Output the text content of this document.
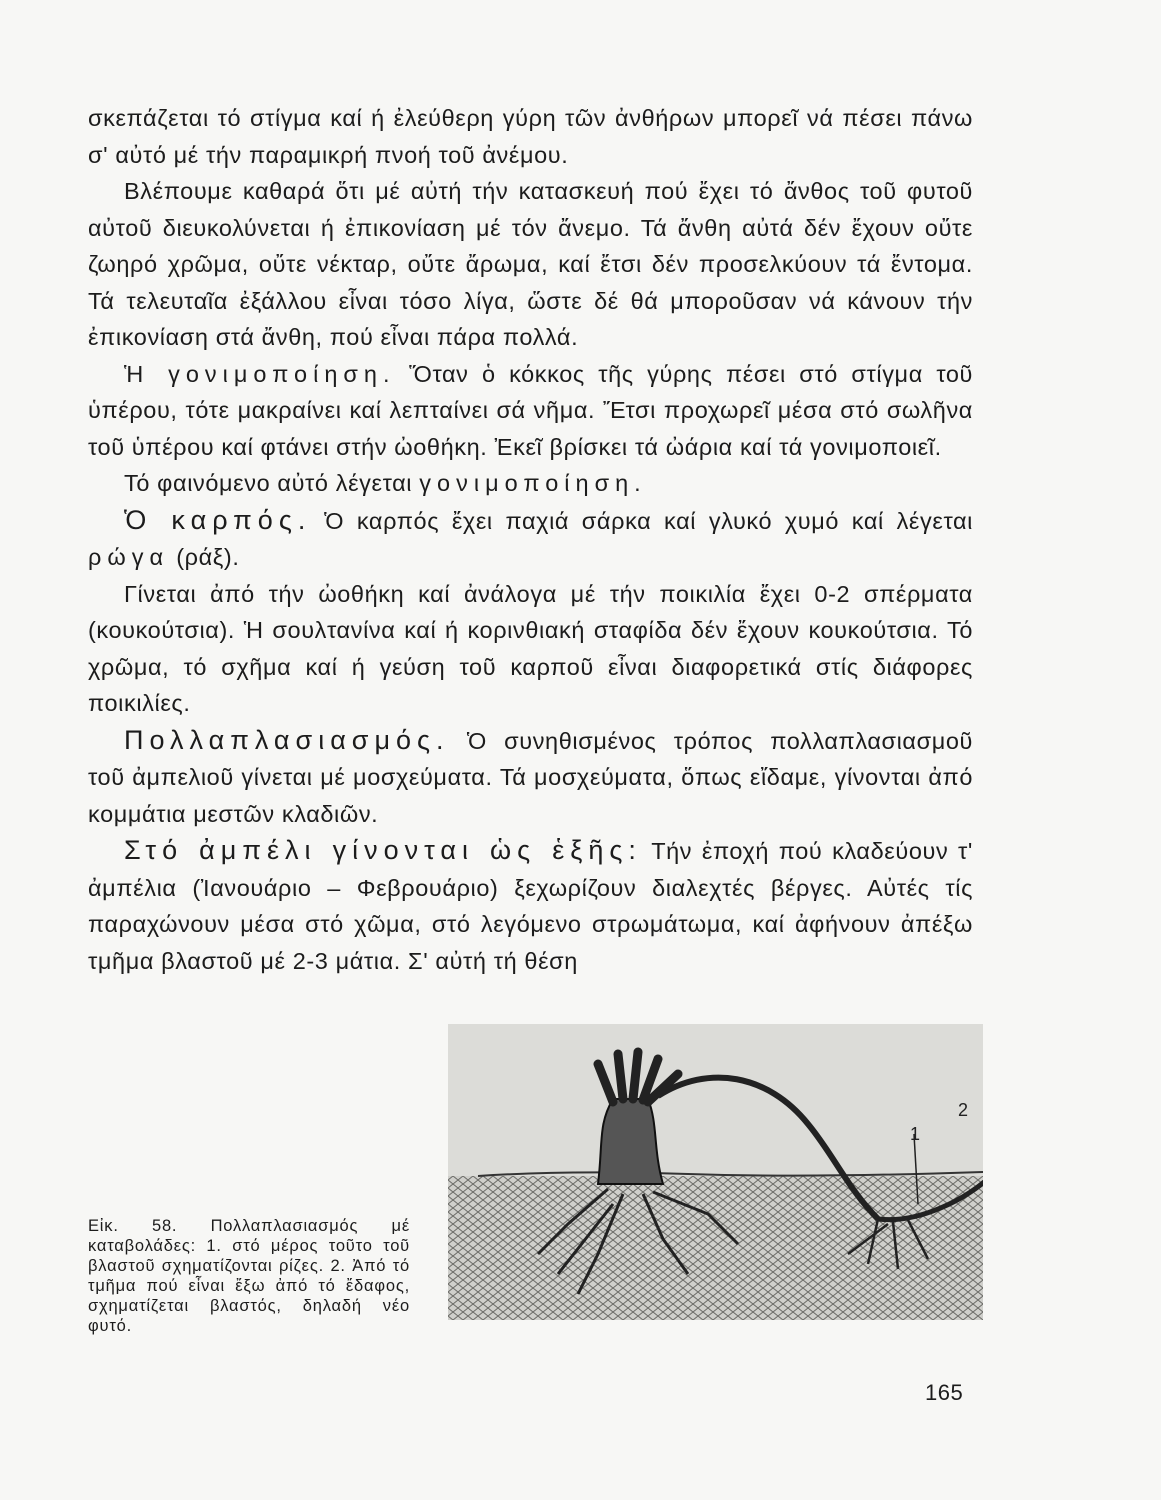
σκεπάζεται τό στίγμα καί ή ἐλεύθερη γύρη τῶν ἀνθήρων μπορεῖ νά πέσει πάνω σ' αὐτό μέ τήν παραμικρή πνοή τοῦ ἀνέμου.

Βλέπουμε καθαρά ὅτι μέ αὐτή τήν κατασκευή πού ἔχει τό ἄνθος τοῦ φυτοῦ αὐτοῦ διευκολύνεται ή ἐπικονίαση μέ τόν ἄνεμο. Τά ἄνθη αὐτά δέν ἔχουν οὔτε ζωηρό χρῶμα, οὔτε νέκταρ, οὔτε ἄρωμα, καί ἔτσι δέν προσελκύουν τά ἔντομα. Τά τελευταῖα ἐξάλλου εἶναι τόσο λίγα, ὥστε δέ θά μποροῦσαν νά κάνουν τήν ἐπικονίαση στά ἄνθη, πού εἶναι πάρα πολλά.

Ἡ γονιμοποίηση. Ὅταν ὁ κόκκος τῆς γύρης πέσει στό στίγμα τοῦ ὑπέρου, τότε μακραίνει καί λεπταίνει σά νῆμα. Ἔτσι προχωρεῖ μέσα στό σωλῆνα τοῦ ὑπέρου καί φτάνει στήν ὠοθήκη. Ἐκεῖ βρίσκει τά ὠάρια καί τά γονιμοποιεῖ.

Τό φαινόμενο αὐτό λέγεται γονιμοποίηση.

Ὁ καρπός. Ὁ καρπός ἔχει παχιά σάρκα καί γλυκό χυμό καί λέγεται ρώγα (ράξ).

Γίνεται ἀπό τήν ὠοθήκη καί ἀνάλογα μέ τήν ποικιλία ἔχει 0-2 σπέρματα (κουκούτσια). Ἡ σουλτανίνα καί ή κορινθιακή σταφίδα δέν ἔχουν κουκούτσια. Τό χρῶμα, τό σχῆμα καί ή γεύση τοῦ καρποῦ εἶναι διαφορετικά στίς διάφορες ποικιλίες.

Πολλαπλασιασμός. Ὁ συνηθισμένος τρόπος πολλαπλασιασμοῦ τοῦ ἀμπελιοῦ γίνεται μέ μοσχεύματα. Τά μοσχεύματα, ὅπως εἴδαμε, γίνονται ἀπό κομμάτια μεστῶν κλαδιῶν.

Στό ἀμπέλι γίνονται ὡς ἑξῆς: Τήν ἐποχή πού κλαδεύουν τ' ἀμπέλια (Ἰανουάριο – Φεβρουάριο) ξεχωρίζουν διαλεχτές βέργες. Αὐτές τίς παραχώνουν μέσα στό χῶμα, στό λεγόμενο στρωμάτωμα, καί ἀφήνουν ἀπέξω τμῆμα βλαστοῦ μέ 2-3 μάτια. Σ' αὐτή τή θέση

1
2
Εἰκ. 58. Πολλαπλασιασμός μέ καταβολάδες: 1. στό μέρος τοῦτο τοῦ βλαστοῦ σχηματίζονται ρίζες. 2. Ἀπό τό τμῆμα πού εἶναι ἔξω ἀπό τό ἔδαφος, σχηματίζεται βλαστός, δηλαδή νέο φυτό.
165
